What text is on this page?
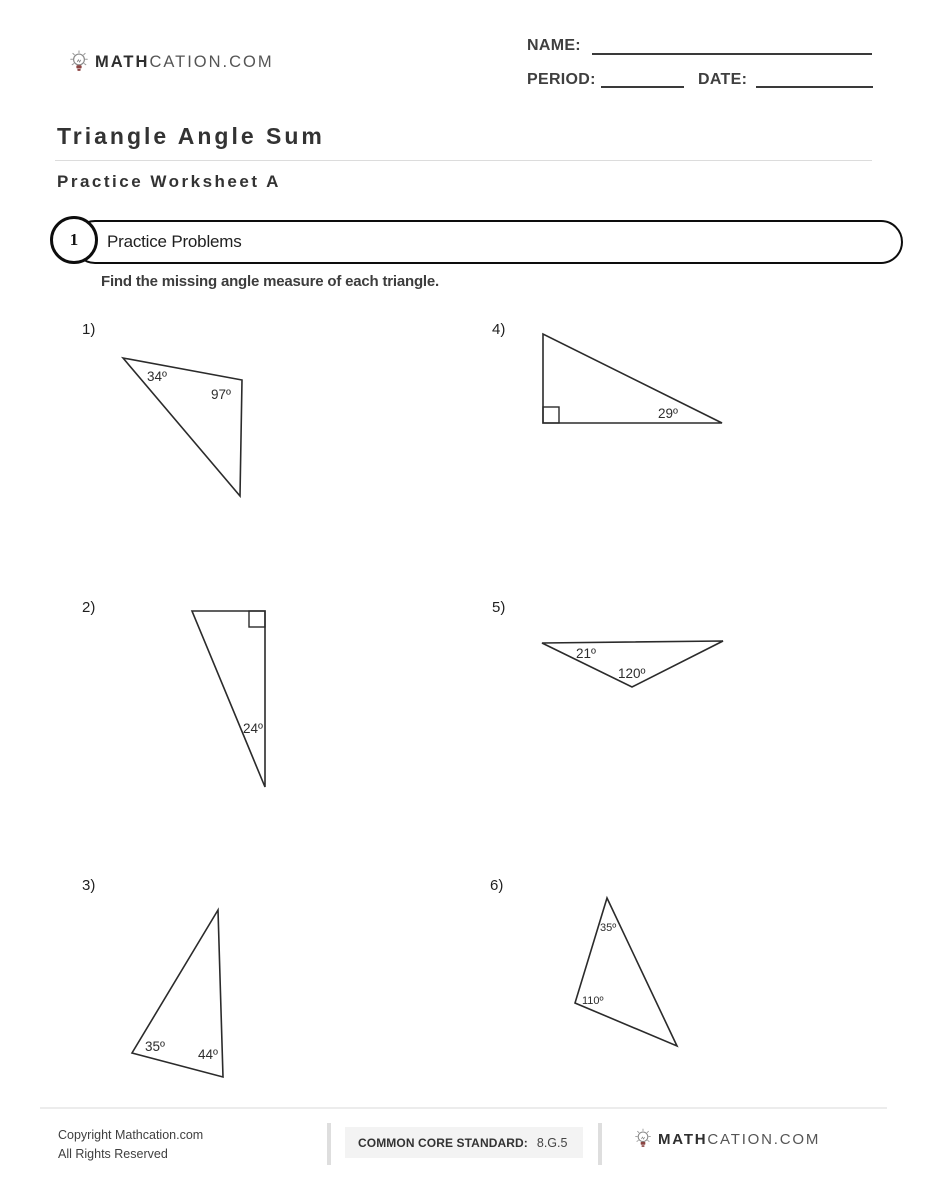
MATHCATION.COM
NAME:
PERIOD:	DATE:
Triangle Angle Sum
Practice Worksheet A
Practice Problems
1
Find the missing angle measure of each triangle.
1)
2)
3)
4)
5)
6)
34º
97º
24º
35º
44º
29º
21º
120º
35º
110º
Copyright Mathcation.com
All Rights Reserved
COMMON CORE STANDARD: 8.G.5	MATHCATION.COM
